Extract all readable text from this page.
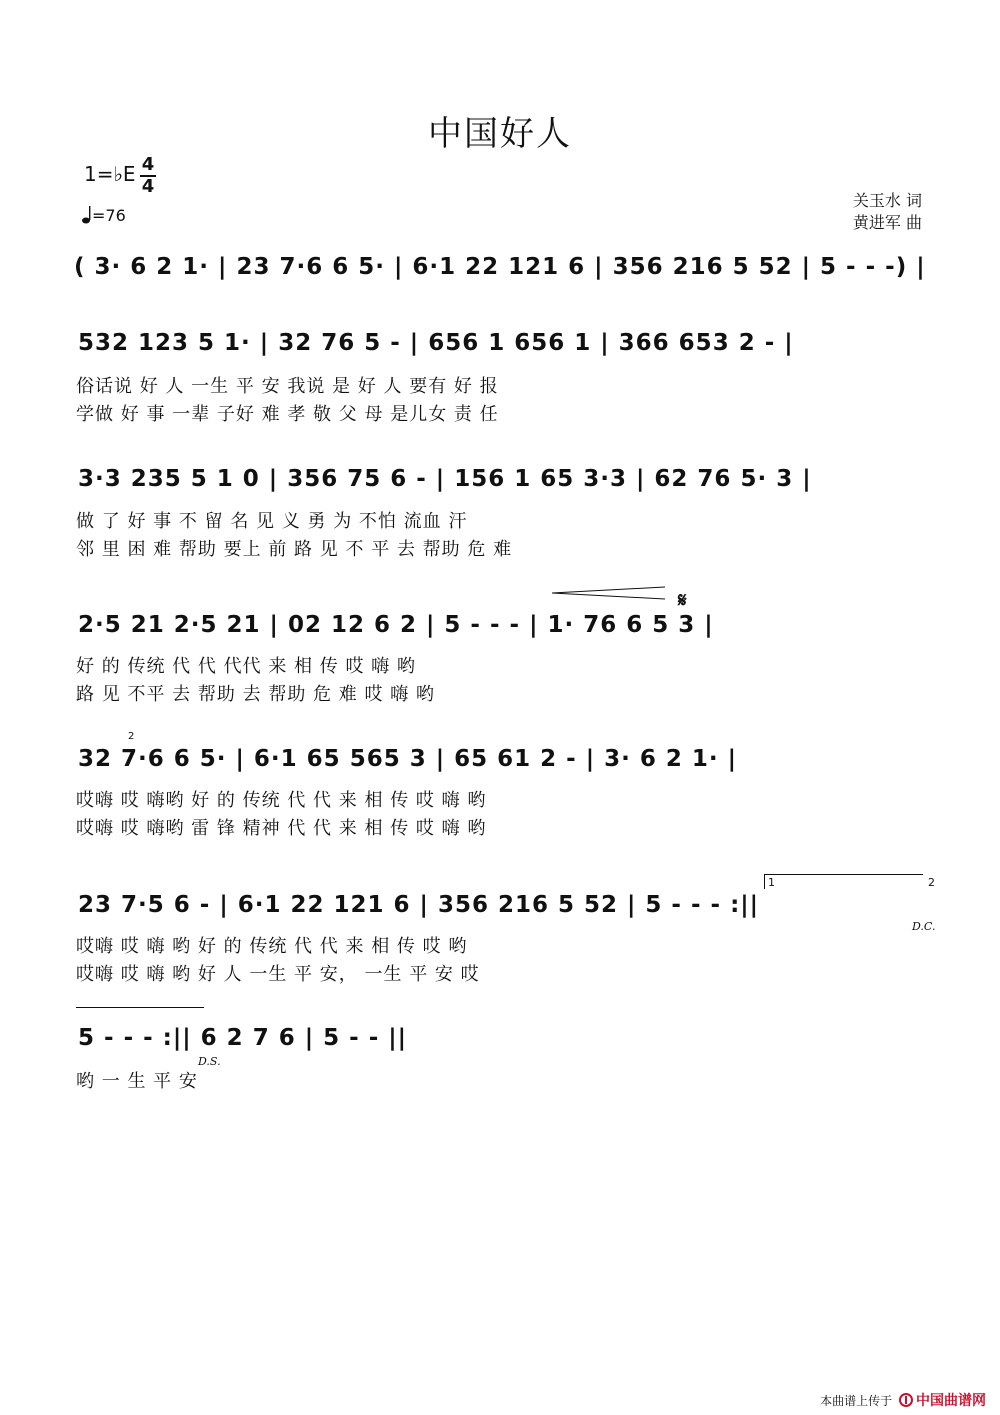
中国好人
1=♭E 4
4
=76
关玉水 词
黄进军 曲
( 3· 6 2 1· | 23 7·6 6 5· | 6·1 22 121 6 | 356 216 5 52 | 5 - - -) |
532 123 5 1· | 32 76 5 - | 656 1 656 1 | 366 653 2 - |
俗话说 好 人 一生 平 安 我说 是 好 人 要有 好 报
学做 好 事 一辈 子好 难 孝 敬 父 母 是儿女 责 任
3·3 235 5 1 0 | 356 75 6 - | 156 1 65 3·3 | 62 76 5· 3 |
做 了 好 事 不 留 名 见 义 勇 为 不怕 流血 汗
邻 里 困 难 帮助 要上 前 路 见 不 平 去 帮助 危 难
𝄋
2·5 21 2·5 21 | 02 12 6 2 | 5 - - - | 1· 76 6 5 3 |
好 的 传统 代 代 代代 来 相 传 哎 嗨 哟
路 见 不平 去 帮助 去 帮助 危 难 哎 嗨 哟
2
32 7·6 6 5· | 6·1 65 565 3 | 65 61 2 - | 3· 6 2 1· |
哎嗨 哎 嗨哟 好 的 传统 代 代 来 相 传 哎 嗨 哟
哎嗨 哎 嗨哟 雷 锋 精神 代 代 来 相 传 哎 嗨 哟
1	2
23 7·5 6 - | 6·1 22 121 6 | 356 216 5 52 | 5 - - - :||
D.C.
哎嗨 哎 嗨 哟 好 的 传统 代 代 来 相 传 哎 哟
哎嗨 哎 嗨 哟 好 人 一生 平 安， 一生 平 安 哎
5 - - - :|| 6 2 7 6 | 5 - - ||
D.S.
哟 一 生 平 安
本曲谱上传于 中国曲谱网
